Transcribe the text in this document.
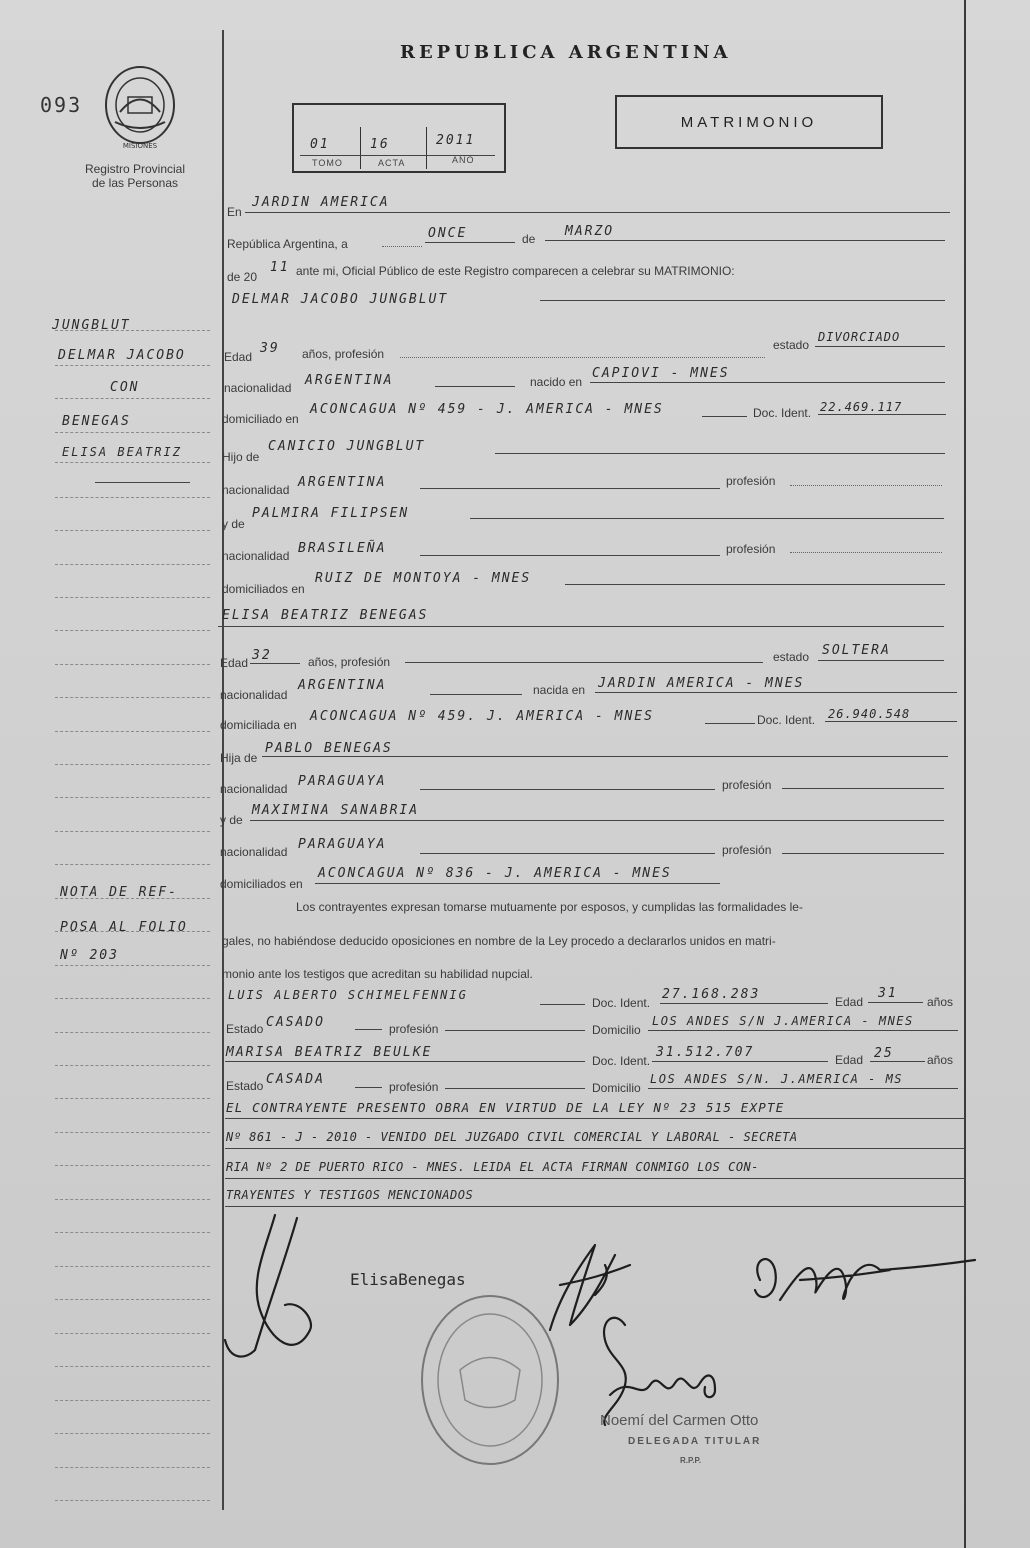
093
MISIONES
Registro Provincial
de las Personas
REPUBLICA ARGENTINA
01	16	2011
TOMO	ACTA	AÑO
MATRIMONIO
En
JARDIN AMERICA
República Argentina, a
ONCE	de MARZO
de 20
11 ante mi, Oficial Público de este Registro comparecen a celebrar su MATRIMONIO:
JUNGBLUT
DELMAR JACOBO
CON
BENEGAS
ELISA BEATRIZ
NOTA DE REF-
POSA AL FOLIO
Nº 203
DELMAR JACOBO JUNGBLUT
Edad
39 años, profesión
estado
DIVORCIADO
nacionalidad ARGENTINA	nacido en
CAPIOVI - MNES
domiciliado en
ACONCAGUA Nº 459 - J. AMERICA - MNES	Doc. Ident. 22.469.117
Hijo de
CANICIO JUNGBLUT
nacionalidad ARGENTINA	profesión
y de
PALMIRA FILIPSEN
nacionalidad BRASILEÑA	profesión
domiciliados en
RUIZ DE MONTOYA - MNES
ELISA BEATRIZ BENEGAS
Edad 32	años, profesión	estado SOLTERA
nacionalidad
ARGENTINA	nacida en JARDIN AMERICA - MNES
domiciliada en
ACONCAGUA Nº 459. J. AMERICA - MNES	Doc. Ident. 26.940.548
Hija de
PABLO BENEGAS
nacionalidad PARAGUAYA	profesión
y de
MAXIMINA SANABRIA
nacionalidad PARAGUAYA	profesión
domiciliados en
ACONCAGUA Nº 836 - J. AMERICA - MNES
Los contrayentes expresan tomarse mutuamente por esposos, y cumplidas las formalidades le-
gales, no habiéndose deducido oposiciones en nombre de la Ley procedo a declararlos unidos en matri-
monio ante los testigos que acreditan su habilidad nupcial.
LUIS ALBERTO SCHIMELFENNIG
Doc. Ident.
27.168.283	Edad
31
años
Estado CASADO	profesión	Domicilio
LOS ANDES S/N J.AMERICA - MNES
MARISA BEATRIZ BEULKE
Doc. Ident.
31.512.707	Edad 25	años
Estado CASADA	profesión	Domicilio
LOS ANDES S/N. J.AMERICA - MS
EL CONTRAYENTE PRESENTO OBRA EN VIRTUD DE LA LEY Nº 23 515 EXPTE
Nº 861 - J - 2010 - VENIDO DEL JUZGADO CIVIL COMERCIAL Y LABORAL - SECRETA
RIA Nº 2 DE PUERTO RICO - MNES. LEIDA EL ACTA FIRMAN CONMIGO LOS CON-
TRAYENTES Y TESTIGOS MENCIONADOS
ElisaBenegas
Noemí del Carmen Otto
DELEGADA TITULAR
R.P.P.
